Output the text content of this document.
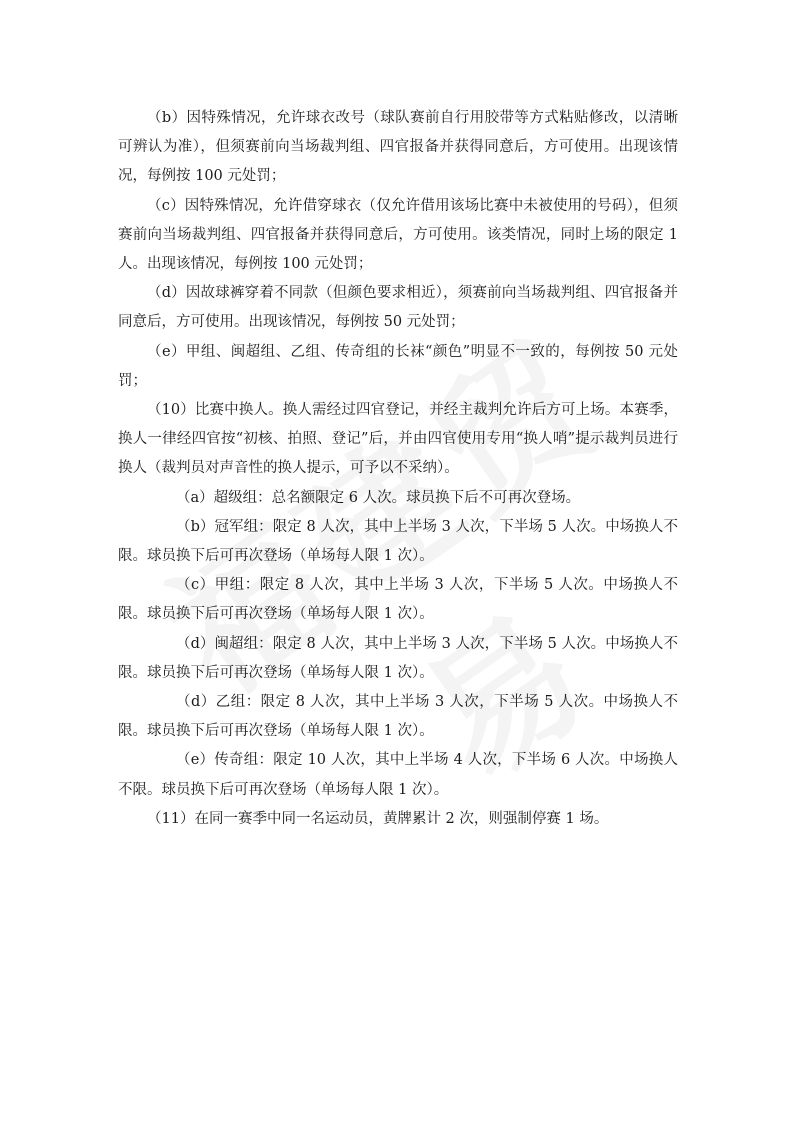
（b）因特殊情况，允许球衣改号（球队赛前自行用胶带等方式粘贴修改，以清晰可辨认为准），但须赛前向当场裁判组、四官报备并获得同意后，方可使用。出现该情况，每例按 100 元处罚；

（c）因特殊情况，允许借穿球衣（仅允许借用该场比赛中未被使用的号码），但须赛前向当场裁判组、四官报备并获得同意后，方可使用。该类情况，同时上场的限定 1 人。出现该情况，每例按 100 元处罚；

（d）因故球裤穿着不同款（但颜色要求相近），须赛前向当场裁判组、四官报备并同意后，方可使用。出现该情况，每例按 50 元处罚；

（e）甲组、闽超组、乙组、传奇组的长袜“颜色”明显不一致的，每例按 50 元处罚；

（10）比赛中换人。换人需经过四官登记，并经主裁判允许后方可上场。本赛季，换人一律经四官按“初核、拍照、登记”后，并由四官使用专用“换人哨”提示裁判员进行换人（裁判员对声音性的换人提示，可予以不采纳）。

（a）超级组：总名额限定 6 人次。球员换下后不可再次登场。

（b）冠军组：限定 8 人次，其中上半场 3 人次，下半场 5 人次。中场换人不限。球员换下后可再次登场（单场每人限 1 次）。

（c）甲组：限定 8 人次，其中上半场 3 人次，下半场 5 人次。中场换人不限。球员换下后可再次登场（单场每人限 1 次）。

（d）闽超组：限定 8 人次，其中上半场 3 人次，下半场 5 人次。中场换人不限。球员换下后可再次登场（单场每人限 1 次）。

（d）乙组：限定 8 人次，其中上半场 3 人次，下半场 5 人次。中场换人不限。球员换下后可再次登场（单场每人限 1 次）。

（e）传奇组：限定 10 人次，其中上半场 4 人次，下半场 6 人次。中场换人不限。球员换下后可再次登场（单场每人限 1 次）。

（11）在同一赛季中同一名运动员，黄牌累计 2 次，则强制停赛 1 场。
